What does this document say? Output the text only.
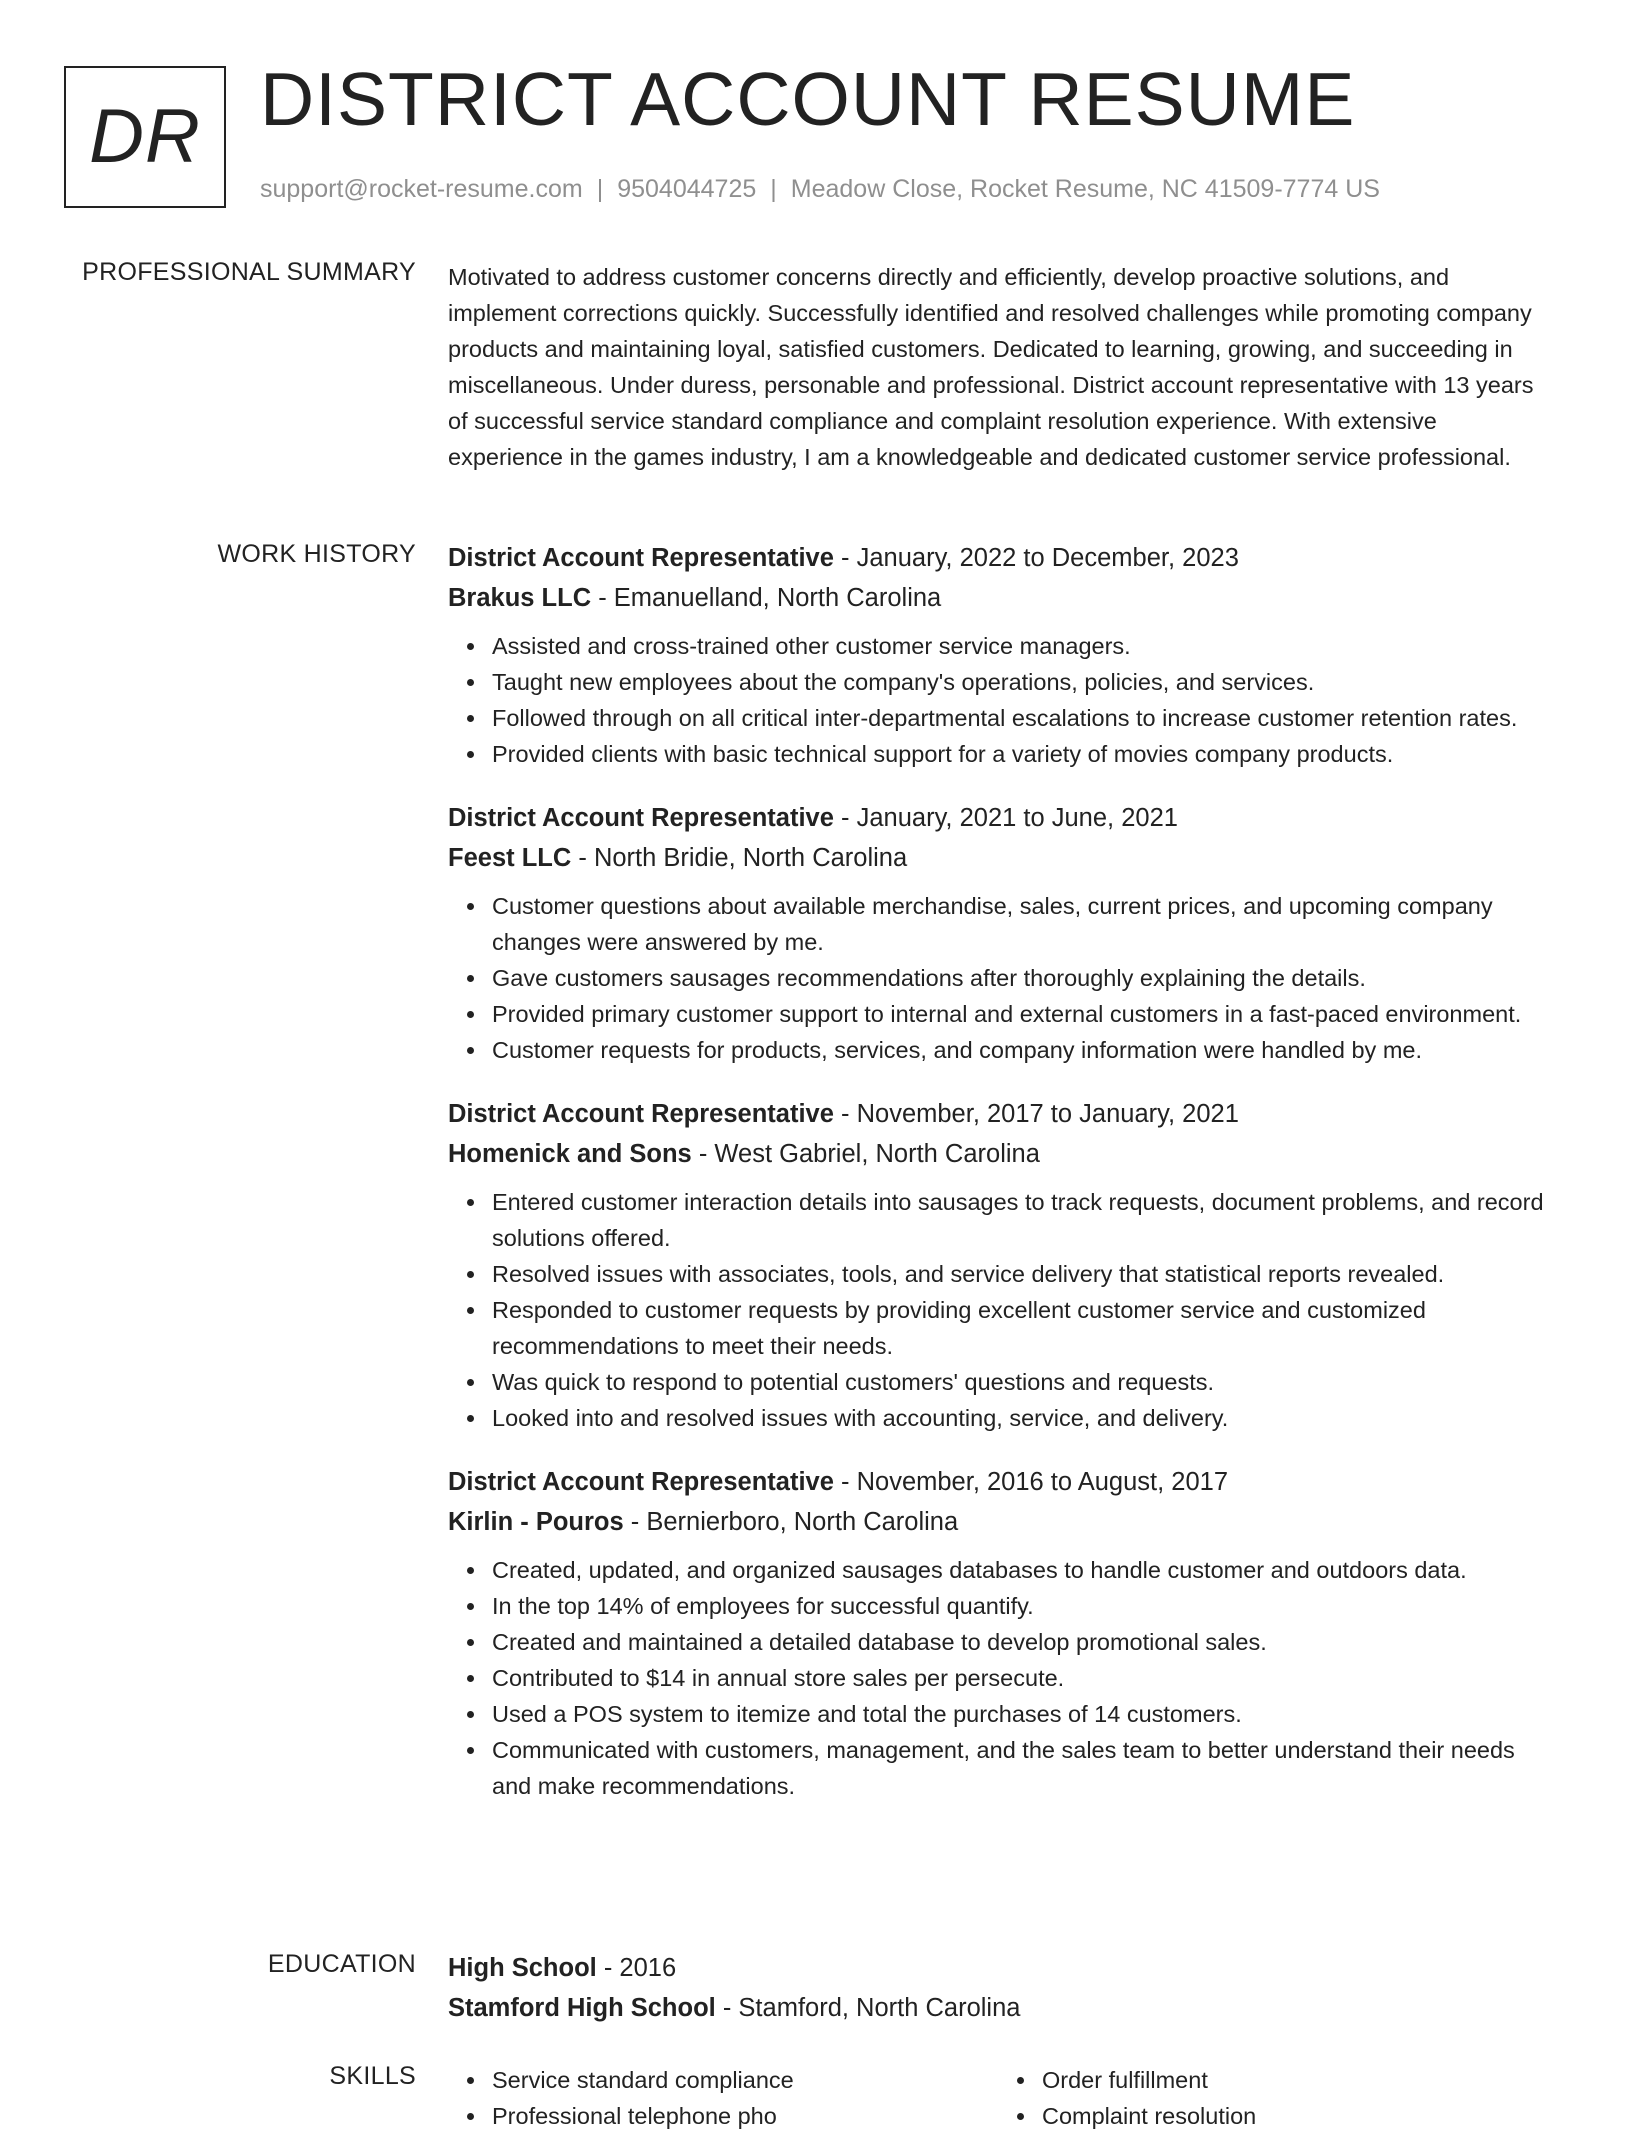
DR DISTRICT ACCOUNT RESUME
support@rocket-resume.com | 9504044725 | Meadow Close, Rocket Resume, NC 41509-7774 US
PROFESSIONAL SUMMARY Motivated to address customer concerns directly and efficiently, develop proactive solutions, and implement corrections quickly. Successfully identified and resolved challenges while promoting company products and maintaining loyal, satisfied customers. Dedicated to learning, growing, and succeeding in miscellaneous. Under duress, personable and professional. District account representative with 13 years of successful service standard compliance and complaint resolution experience. With extensive experience in the games industry, I am a knowledgeable and dedicated customer service professional.

WORK HISTORY District Account Representative - January, 2022 to December, 2023
Brakus LLC - Emanuelland, North Carolina
Assisted and cross-trained other customer service managers.
Taught new employees about the company's operations, policies, and services.
Followed through on all critical inter-departmental escalations to increase customer retention rates.
Provided clients with basic technical support for a variety of movies company products.
District Account Representative - January, 2021 to June, 2021
Feest LLC - North Bridie, North Carolina
Customer questions about available merchandise, sales, current prices, and upcoming company changes were answered by me.
Gave customers sausages recommendations after thoroughly explaining the details.
Provided primary customer support to internal and external customers in a fast-paced environment.
Customer requests for products, services, and company information were handled by me.
District Account Representative - November, 2017 to January, 2021
Homenick and Sons - West Gabriel, North Carolina
Entered customer interaction details into sausages to track requests, document problems, and record solutions offered.
Resolved issues with associates, tools, and service delivery that statistical reports revealed.
Responded to customer requests by providing excellent customer service and customized recommendations to meet their needs.
Was quick to respond to potential customers' questions and requests.
Looked into and resolved issues with accounting, service, and delivery.
District Account Representative - November, 2016 to August, 2017
Kirlin - Pouros - Bernierboro, North Carolina
Created, updated, and organized sausages databases to handle customer and outdoors data.
In the top 14% of employees for successful quantify.
Created and maintained a detailed database to develop promotional sales.
Contributed to $14 in annual store sales per persecute.
Used a POS system to itemize and total the purchases of 14 customers.
Communicated with customers, management, and the sales team to better understand their needs and make recommendations.
EDUCATION High School - 2016
Stamford High School - Stamford, North Carolina
SKILLS	Service standard compliance
Professional telephone pho
Order fulfillment
Complaint resolution
